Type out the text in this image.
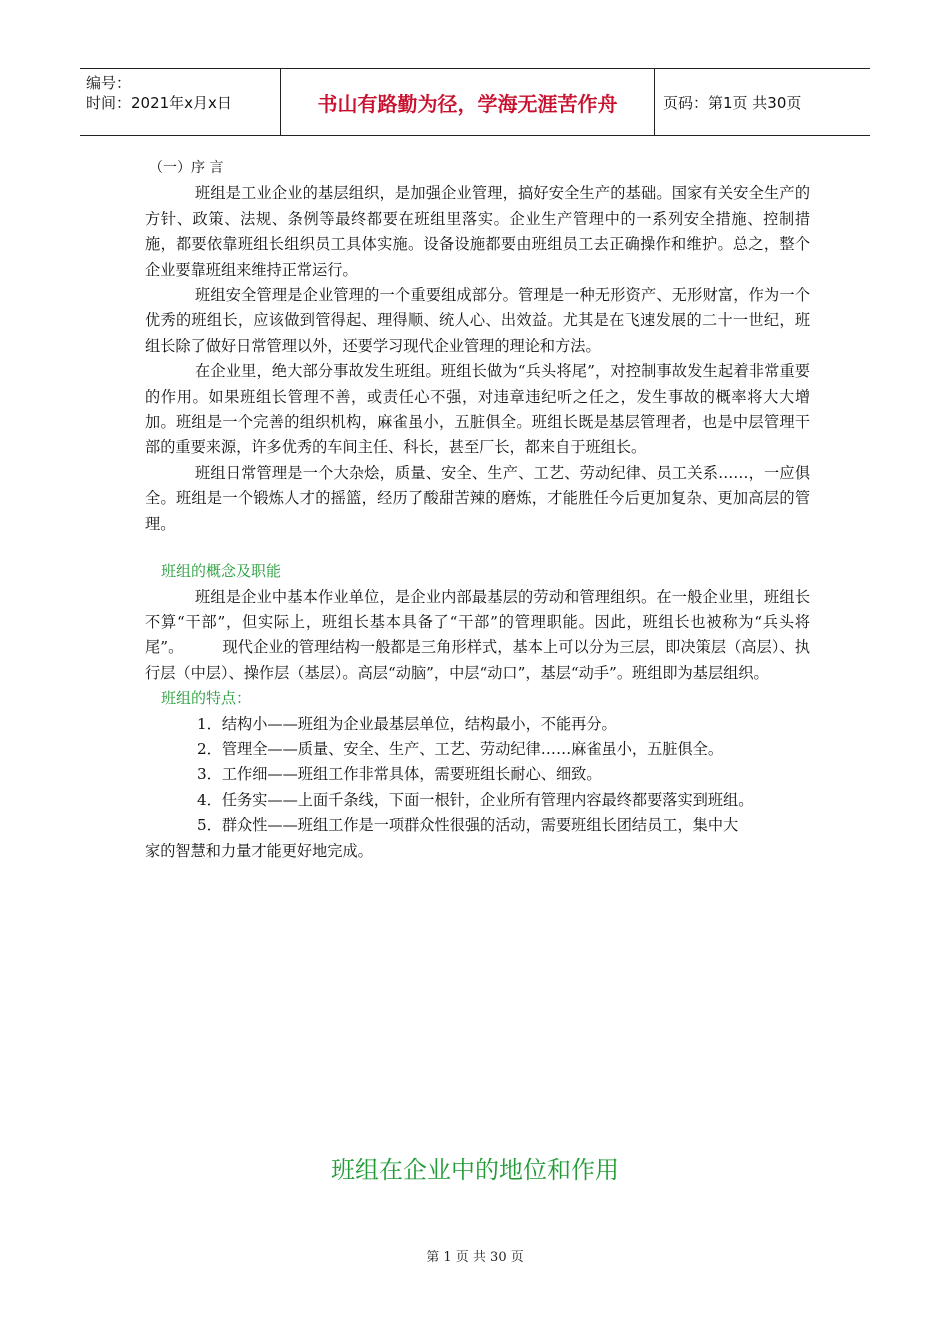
编号：
时间：2021年x月x日	书山有路勤为径，学海无涯苦作舟	页码：第1页 共30页

（一）序 言

班组是工业企业的基层组织，是加强企业管理，搞好安全生产的基础。国家有关安全生产的方针、政策、法规、条例等最终都要在班组里落实。企业生产管理中的一系列安全措施、控制措施，都要依靠班组长组织员工具体实施。设备设施都要由班组员工去正确操作和维护。总之，整个企业要靠班组来维持正常运行。

班组安全管理是企业管理的一个重要组成部分。管理是一种无形资产、无形财富，作为一个优秀的班组长，应该做到管得起、理得顺、统人心、出效益。尤其是在飞速发展的二十一世纪，班组长除了做好日常管理以外，还要学习现代企业管理的理论和方法。

在企业里，绝大部分事故发生班组。班组长做为“兵头将尾”，对控制事故发生起着非常重要的作用。如果班组长管理不善，或责任心不强，对违章违纪听之任之，发生事故的概率将大大增加。班组是一个完善的组织机构，麻雀虽小，五脏俱全。班组长既是基层管理者，也是中层管理干部的重要来源，许多优秀的车间主任、科长，甚至厂长，都来自于班组长。

班组日常管理是一个大杂烩，质量、安全、生产、工艺、劳动纪律、员工关系……，一应俱全。班组是一个锻炼人才的摇篮，经历了酸甜苦辣的磨炼，才能胜任今后更加复杂、更加高层的管理。

班组的概念及职能

班组是企业中基本作业单位，是企业内部最基层的劳动和管理组织。在一般企业里，班组长不算“干部”，但实际上，班组长基本具备了“干部”的管理职能。因此，班组长也被称为“兵头将尾”。        现代企业的管理结构一般都是三角形样式，基本上可以分为三层，即决策层（高层）、执行层（中层）、操作层（基层）。高层“动脑”，中层“动口”，基层“动手”。班组即为基层组织。

班组的特点：

1．结构小——班组为企业最基层单位，结构最小，不能再分。

2．管理全——质量、安全、生产、工艺、劳动纪律……麻雀虽小，五脏俱全。

3．工作细——班组工作非常具体，需要班组长耐心、细致。

4．任务实——上面千条线，下面一根针，企业所有管理内容最终都要落实到班组。

5．群众性——班组工作是一项群众性很强的活动，需要班组长团结员工，集中大

家的智慧和力量才能更好地完成。

班组在企业中的地位和作用
第 1 页 共 30 页
